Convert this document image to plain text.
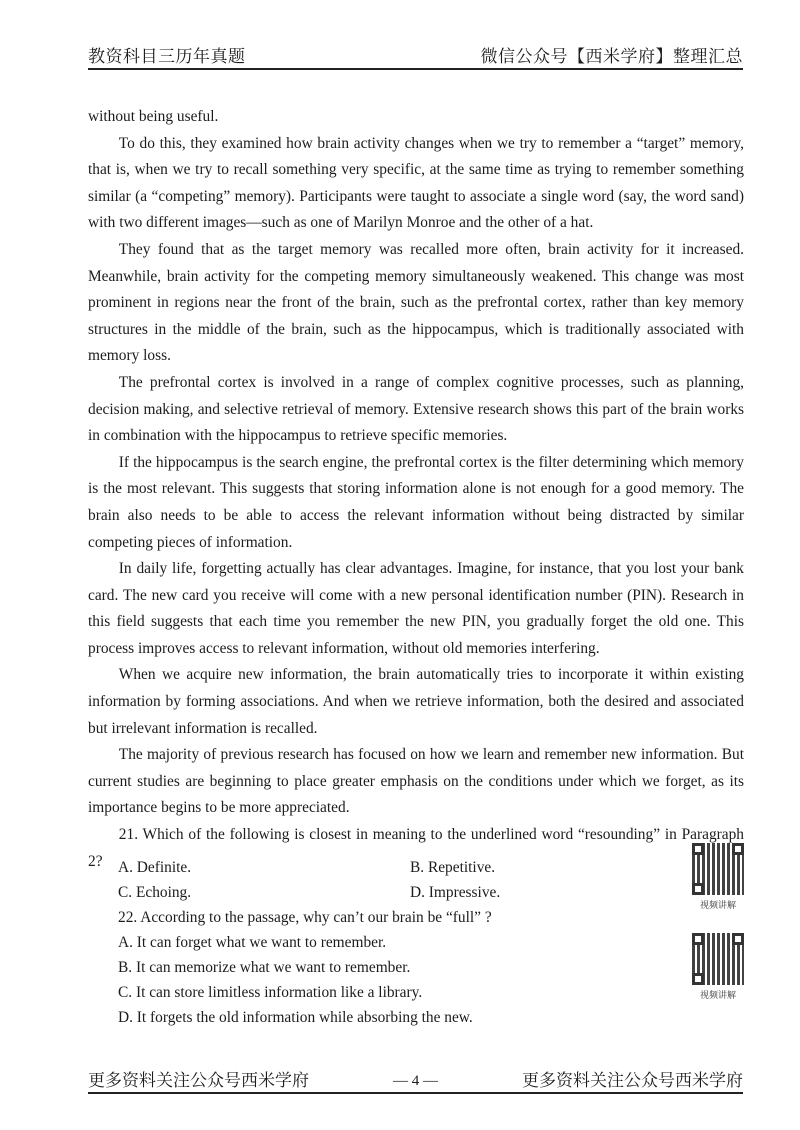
教资科目三历年真题	微信公众号【西米学府】整理汇总

without being useful.

To do this, they examined how brain activity changes when we try to remember a “target” memory, that is, when we try to recall something very specific, at the same time as trying to remember something similar (a “competing” memory). Participants were taught to associate a single word (say, the word sand) with two different images—such as one of Marilyn Monroe and the other of a hat.

They found that as the target memory was recalled more often, brain activity for it increased. Meanwhile, brain activity for the competing memory simultaneously weakened. This change was most prominent in regions near the front of the brain, such as the prefrontal cortex, rather than key memory structures in the middle of the brain, such as the hippocampus, which is traditionally associated with memory loss.

The prefrontal cortex is involved in a range of complex cognitive processes, such as planning, decision making, and selective retrieval of memory. Extensive research shows this part of the brain works in combination with the hippocampus to retrieve specific memories.

If the hippocampus is the search engine, the prefrontal cortex is the filter determining which memory is the most relevant. This suggests that storing information alone is not enough for a good memory. The brain also needs to be able to access the relevant information without being distracted by similar competing pieces of information.

In daily life, forgetting actually has clear advantages. Imagine, for instance, that you lost your bank card. The new card you receive will come with a new personal identification number (PIN). Research in this field suggests that each time you remember the new PIN, you gradually forget the old one. This process improves access to relevant information, without old memories interfering.

When we acquire new information, the brain automatically tries to incorporate it within existing information by forming associations. And when we retrieve information, both the desired and associated but irrelevant information is recalled.

The majority of previous research has focused on how we learn and remember new information. But current studies are beginning to place greater emphasis on the conditions under which we forget, as its importance begins to be more appreciated.

21. Which of the following is closest in meaning to the underlined word “resounding” in Paragraph 2?	A. Definite.	B. Repetitive.
C. Echoing.	D. Impressive.
22. According to the passage, why can’t our brain be “full” ?
A. It can forget what we want to remember.
B. It can memorize what we want to remember.
C. It can store limitless information like a library.
D. It forgets the old information while absorbing the new.
视频讲解
视频讲解
更多资料关注公众号西米学府	— 4 —	更多资料关注公众号西米学府
